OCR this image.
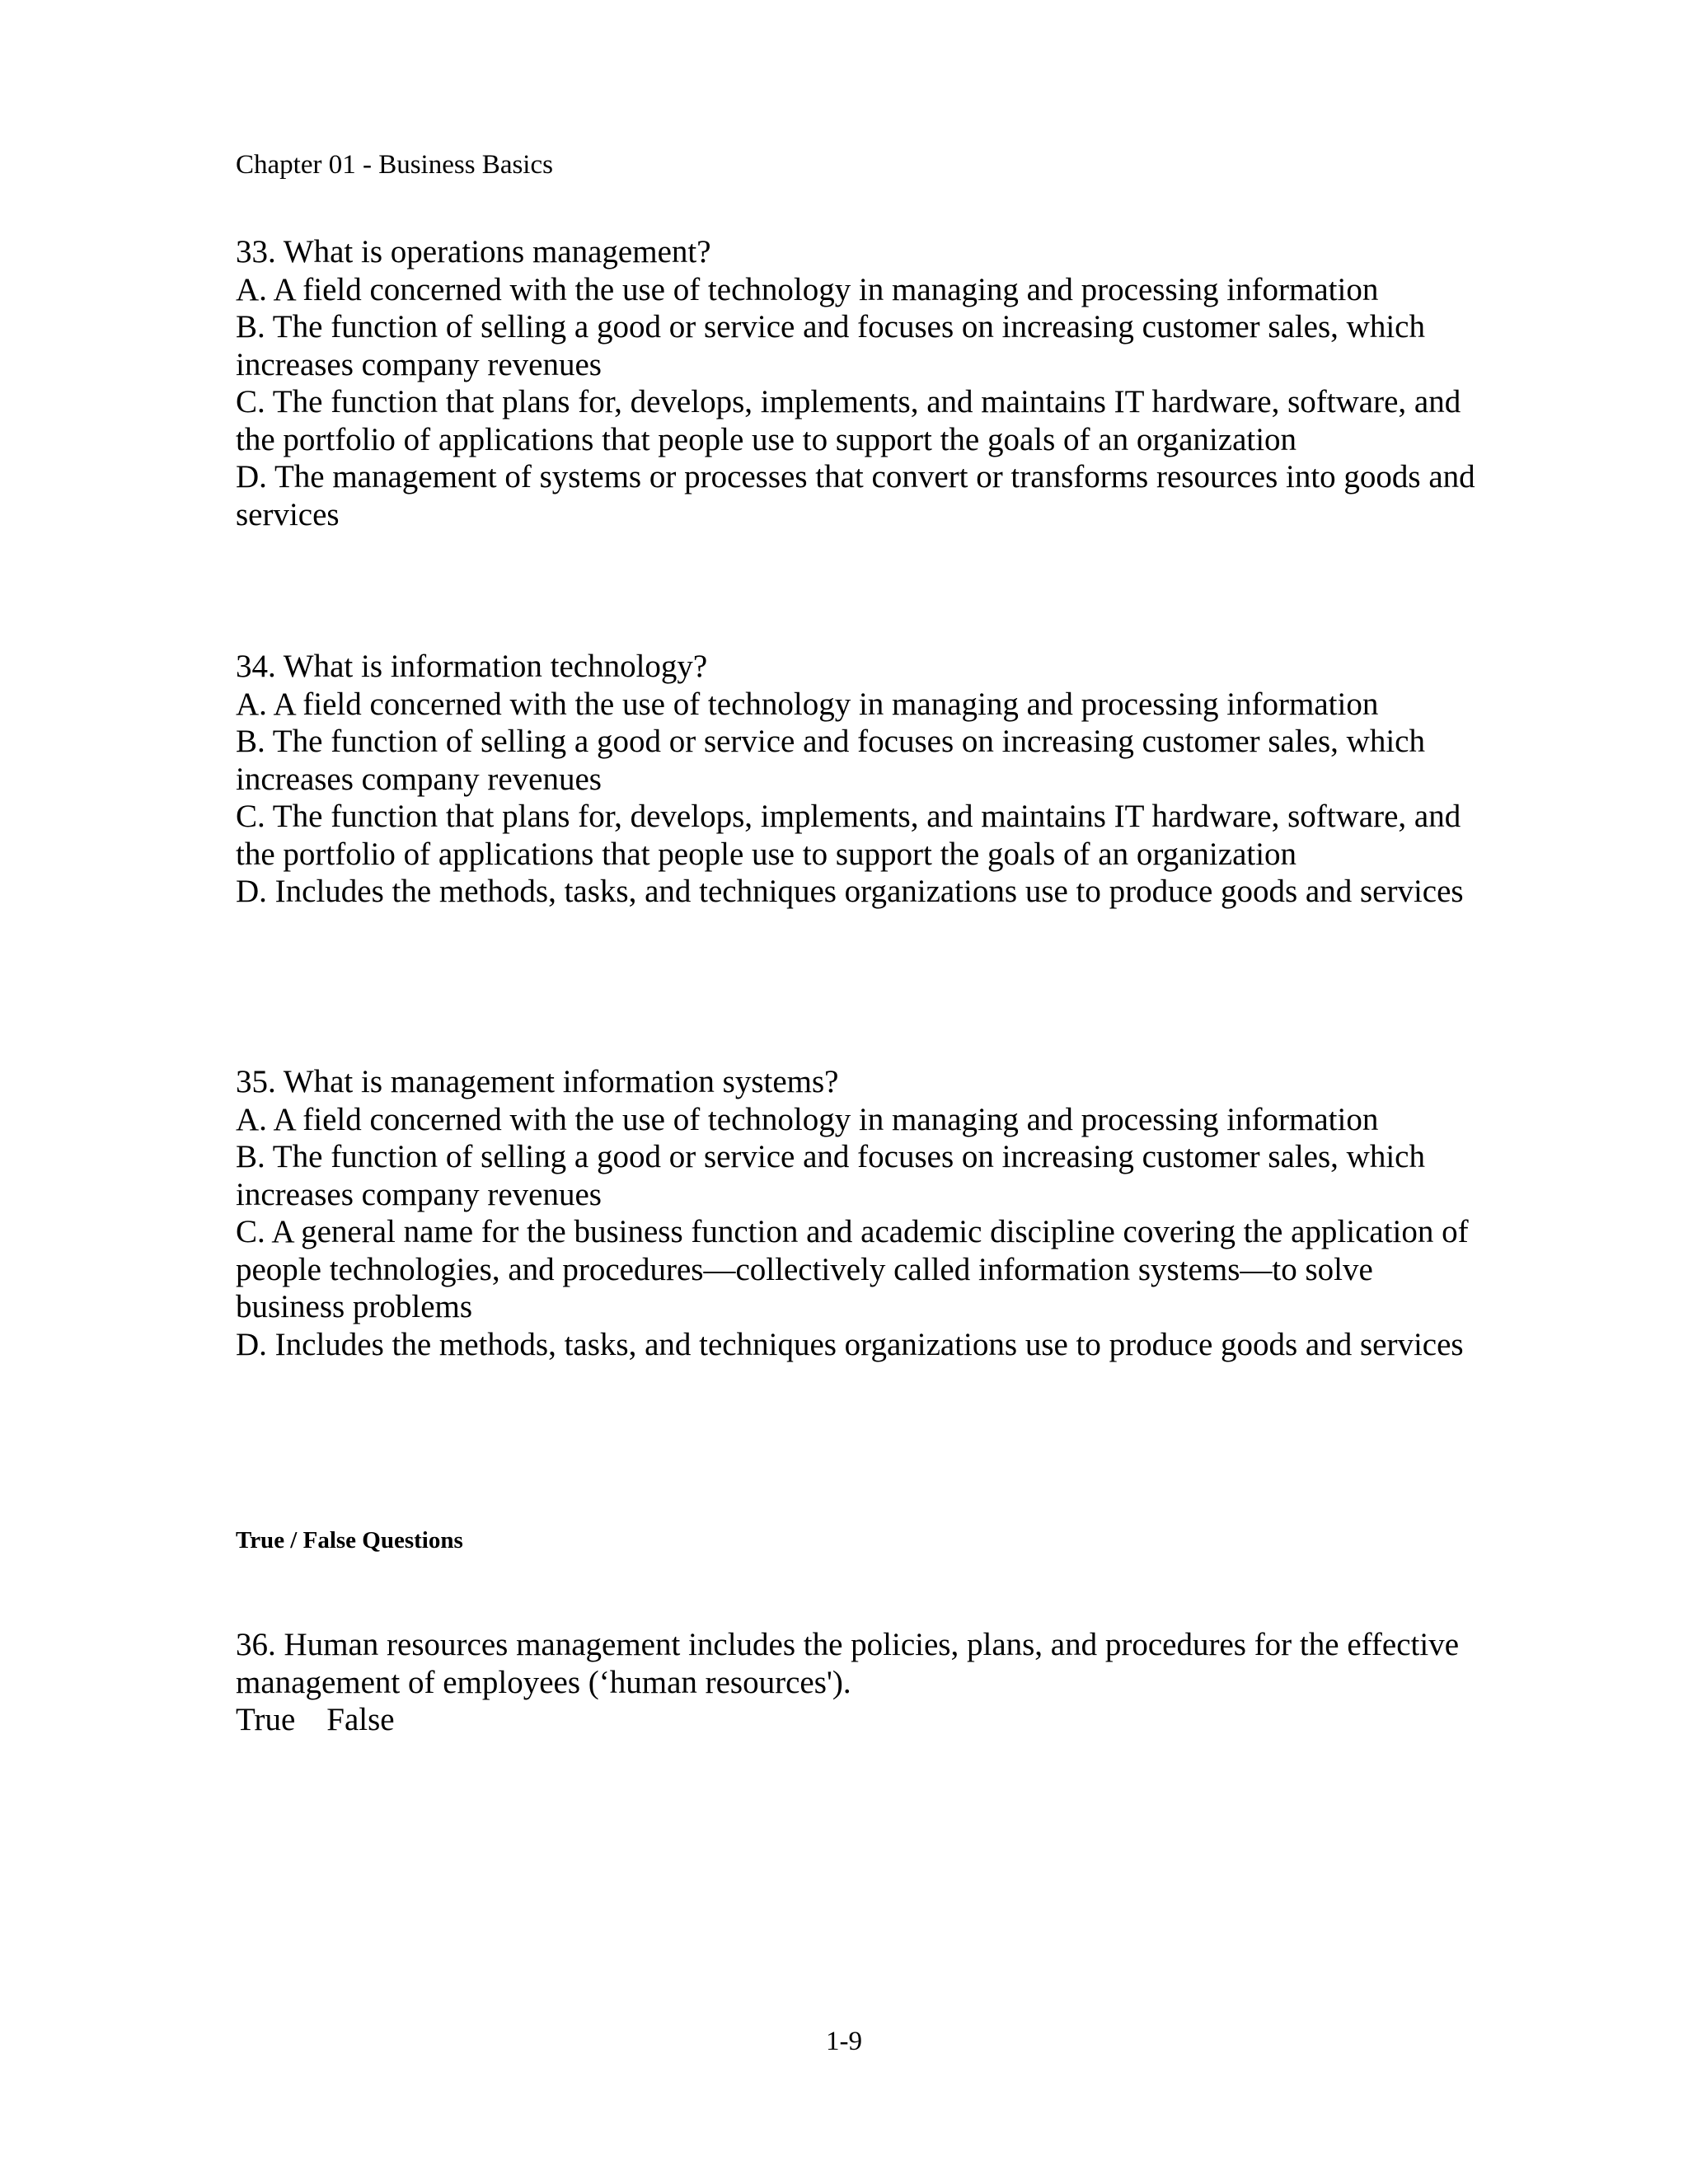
Chapter 01 - Business Basics

33. What is operations management?

A. A field concerned with the use of technology in managing and processing information

B. The function of selling a good or service and focuses on increasing customer sales, which increases company revenues

C. The function that plans for, develops, implements, and maintains IT hardware, software, and the portfolio of applications that people use to support the goals of an organization

D. The management of systems or processes that convert or transforms resources into goods and services

34. What is information technology?

A. A field concerned with the use of technology in managing and processing information

B. The function of selling a good or service and focuses on increasing customer sales, which increases company revenues

C. The function that plans for, develops, implements, and maintains IT hardware, software, and the portfolio of applications that people use to support the goals of an organization

D. Includes the methods, tasks, and techniques organizations use to produce goods and services

35. What is management information systems?

A. A field concerned with the use of technology in managing and processing information

B. The function of selling a good or service and focuses on increasing customer sales, which increases company revenues

C. A general name for the business function and academic discipline covering the application of people technologies, and procedures—collectively called information systems—to solve business problems

D. Includes the methods, tasks, and techniques organizations use to produce goods and services

True / False Questions

36. Human resources management includes the policies, plans, and procedures for the effective management of employees (‘human resources').

True False

1-9
